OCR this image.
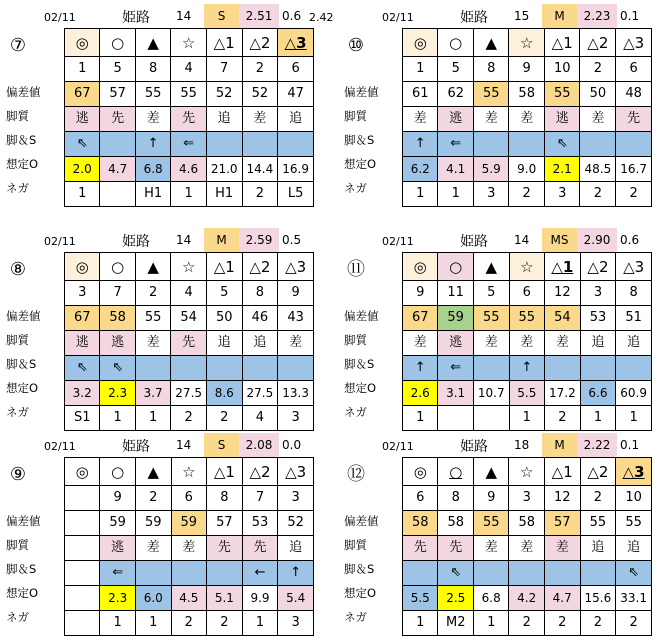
02/11	姫路 14	S	2.51 0.6 2.42
⑦
偏差値
脚質
脚＆S
想定O
ネガ
◎	○	▲	☆	△1	△2	△3
1	5	8	4	7	2	6
67	57	55	55	52	52	47
逃	先	差	先	追	差	追
⇖		↑	⇐			
2.0	4.7	6.8	4.6	21.0	14.4	16.9
1		H1	1	H1	2	L5
02/11	姫路 15	M	2.23 0.1
⑩
偏差値
脚質
脚＆S
想定O
ネガ
◎	○	▲	☆	△1	△2	△3
1	5	8	9	10	2	6
61	62	55	58	55	50	48
差	逃	差	差	逃	差	先
↑	⇐			⇖		
6.2	4.1	5.9	9.0	2.1	48.5	16.7
1	1	3	2	3	2	2
02/11	姫路 14	M	2.59 0.5
⑧
偏差値
脚質
脚＆S
想定O
ネガ
◎	○	▲	☆	△1	△2	△3
3	7	2	4	5	8	9
67	58	55	54	50	46	43
逃	逃	差	先	追	追	差
⇖	⇖					
3.2	2.3	3.7	27.5	8.6	27.5	13.3
S1	1	1	2	2	4	3
02/11	姫路 14	MS	2.90 0.6
⑪
偏差値
脚質
脚＆S
想定O
ネガ
◎	○	▲	☆	△1	△2	△3
9	11	5	6	12	3	8
67	59	55	55	54	53	51
差	逃	差	差	差	追	追
↑	⇐		↑			
2.6	3.1	10.7	5.5	17.2	6.6	60.9
1			1	2	1	1
02/11	姫路 14	S	2.08 0.0
⑨
偏差値
脚質
脚＆S
想定O
ネガ
◎	○	▲	☆	△1	△2	△3
	9	2	6	8	7	3
	59	59	59	57	53	52
	逃	差	差	先	先	追
	⇐				←	↑
	2.3	6.0	4.5	5.1	9.9	5.4
	1	1	2	2	1	3
02/11	姫路 18	M	2.22 0.1
⑫
偏差値
脚質
脚＆S
想定O
ネガ
◎	○	▲	☆	△1	△2	△3
6	8	9	3	12	2	10
58	58	55	58	57	55	55
先	先	差	差	差	追	追
	⇖					⇖
5.5	2.5	6.8	4.2	4.7	15.6	33.1
1	M2	1	2	2	2	2
